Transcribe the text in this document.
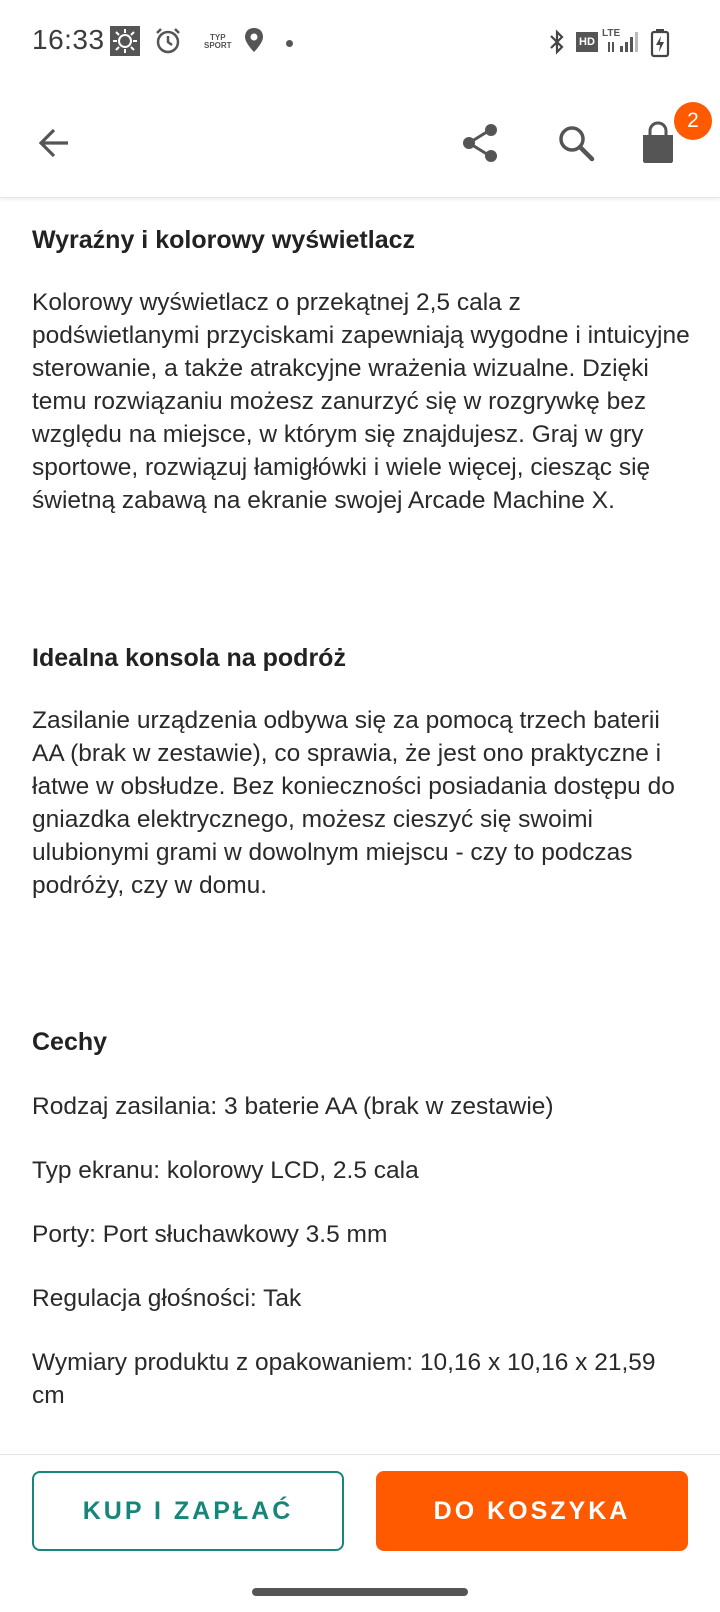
16:33	TYP
SPORT	HD
LTE
2
Wyraźny i kolorowy wyświetlacz
Kolorowy wyświetlacz o przekątnej 2,5 cala z podświetlanymi przyciskami zapewniają wygodne i intuicyjne sterowanie, a także atrakcyjne wrażenia wizualne. Dzięki temu rozwiązaniu możesz zanurzyć się w rozgrywkę bez względu na miejsce, w którym się znajdujesz. Graj w gry sportowe, rozwiązuj łamigłówki i wiele więcej, ciesząc się świetną zabawą na ekranie swojej Arcade Machine X.
Idealna konsola na podróż
Zasilanie urządzenia odbywa się za pomocą trzech baterii AA (brak w zestawie), co sprawia, że jest ono praktyczne i łatwe w obsłudze. Bez konieczności posiadania dostępu do gniazdka elektrycznego, możesz cieszyć się swoimi ulubionymi grami w dowolnym miejscu - czy to podczas podróży, czy w domu.
Cechy
Rodzaj zasilania: 3 baterie AA (brak w zestawie)
Typ ekranu: kolorowy LCD, 2.5 cala
Porty: Port słuchawkowy 3.5 mm
Regulacja głośności: Tak
Wymiary produktu z opakowaniem: 10,16 x 10,16 x 21,59 cm
KUP I ZAPŁAĆ	DO KOSZYKA
